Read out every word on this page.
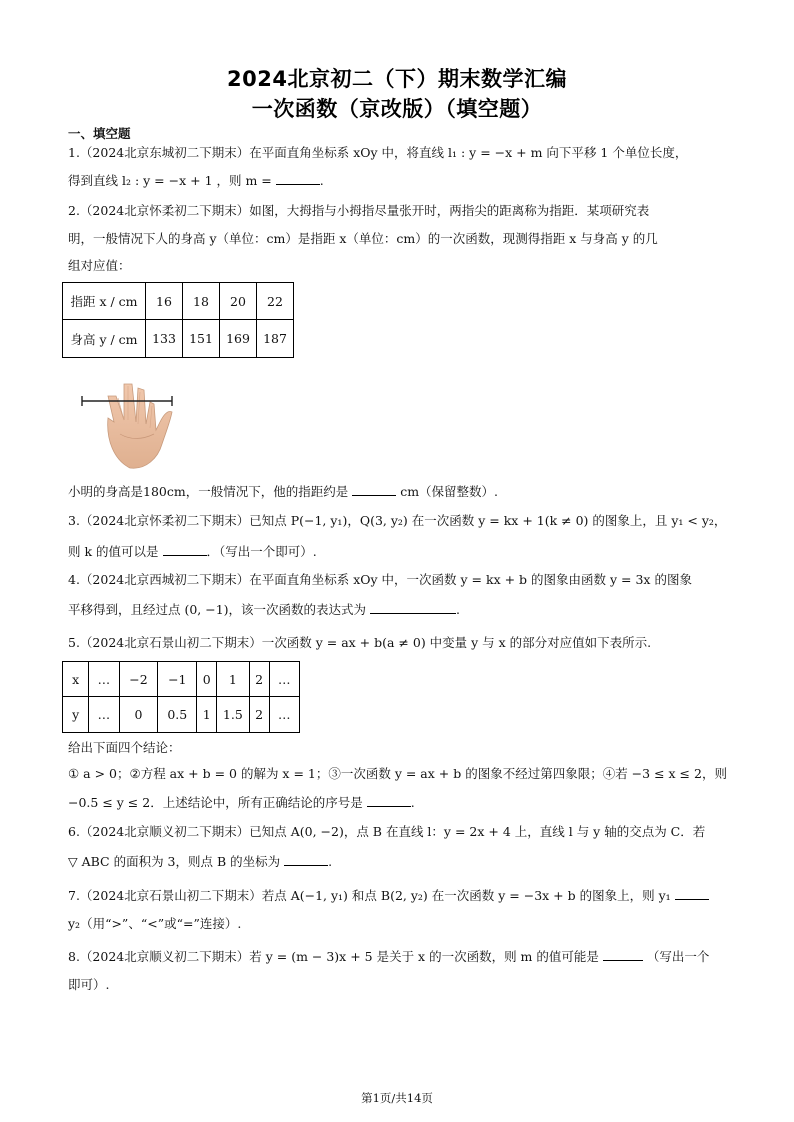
2024北京初二（下）期末数学汇编
一次函数（京改版）（填空题）
一、填空题
1.（2024北京东城初二下期末）在平面直角坐标系 xOy 中，将直线 l₁ : y = −x + m 向下平移 1 个单位长度，
得到直线 l₂ : y = −x + 1 ，则 m =	.
2.（2024北京怀柔初二下期末）如图，大拇指与小拇指尽量张开时，两指尖的距离称为指距．某项研究表
明，一般情况下人的身高 y（单位：cm）是指距 x（单位：cm）的一次函数，现测得指距 x 与身高 y 的几
组对应值：
指距 x / cm	16	18	20	22
身高 y / cm	133	151	169	187
小明的身高是180cm，一般情况下，他的指距约是	cm（保留整数）.
3.（2024北京怀柔初二下期末）已知点 P(−1, y₁)，Q(3, y₂) 在一次函数 y = kx + 1(k ≠ 0) 的图象上，且 y₁ < y₂，
则 k 的值可以是	．（写出一个即可）.
4.（2024北京西城初二下期末）在平面直角坐标系 xOy 中，一次函数 y = kx + b 的图象由函数 y = 3x 的图象
平移得到，且经过点 (0, −1)，该一次函数的表达式为	.
5.（2024北京石景山初二下期末）一次函数 y = ax + b(a ≠ 0) 中变量 y 与 x 的部分对应值如下表所示.
x	…	−2	−1	0	1	2	…
y	…	0	0.5	1	1.5	2	…
给出下面四个结论：
① a > 0；②方程 ax + b = 0 的解为 x = 1；③一次函数 y = ax + b 的图象不经过第四象限；④若 −3 ≤ x ≤ 2，则
−0.5 ≤ y ≤ 2．上述结论中，所有正确结论的序号是	.
6.（2024北京顺义初二下期末）已知点 A(0, −2)，点 B 在直线 l：y = 2x + 4 上，直线 l 与 y 轴的交点为 C．若
▽ ABC 的面积为 3，则点 B 的坐标为	.
7.（2024北京石景山初二下期末）若点 A(−1, y₁) 和点 B(2, y₂) 在一次函数 y = −3x + b 的图象上，则 y₁
y₂（用“>”、“<”或“=”连接）.
8.（2024北京顺义初二下期末）若 y = (m − 3)x + 5 是关于 x 的一次函数，则 m 的值可能是	（写出一个
即可）.
第1页/共14页
